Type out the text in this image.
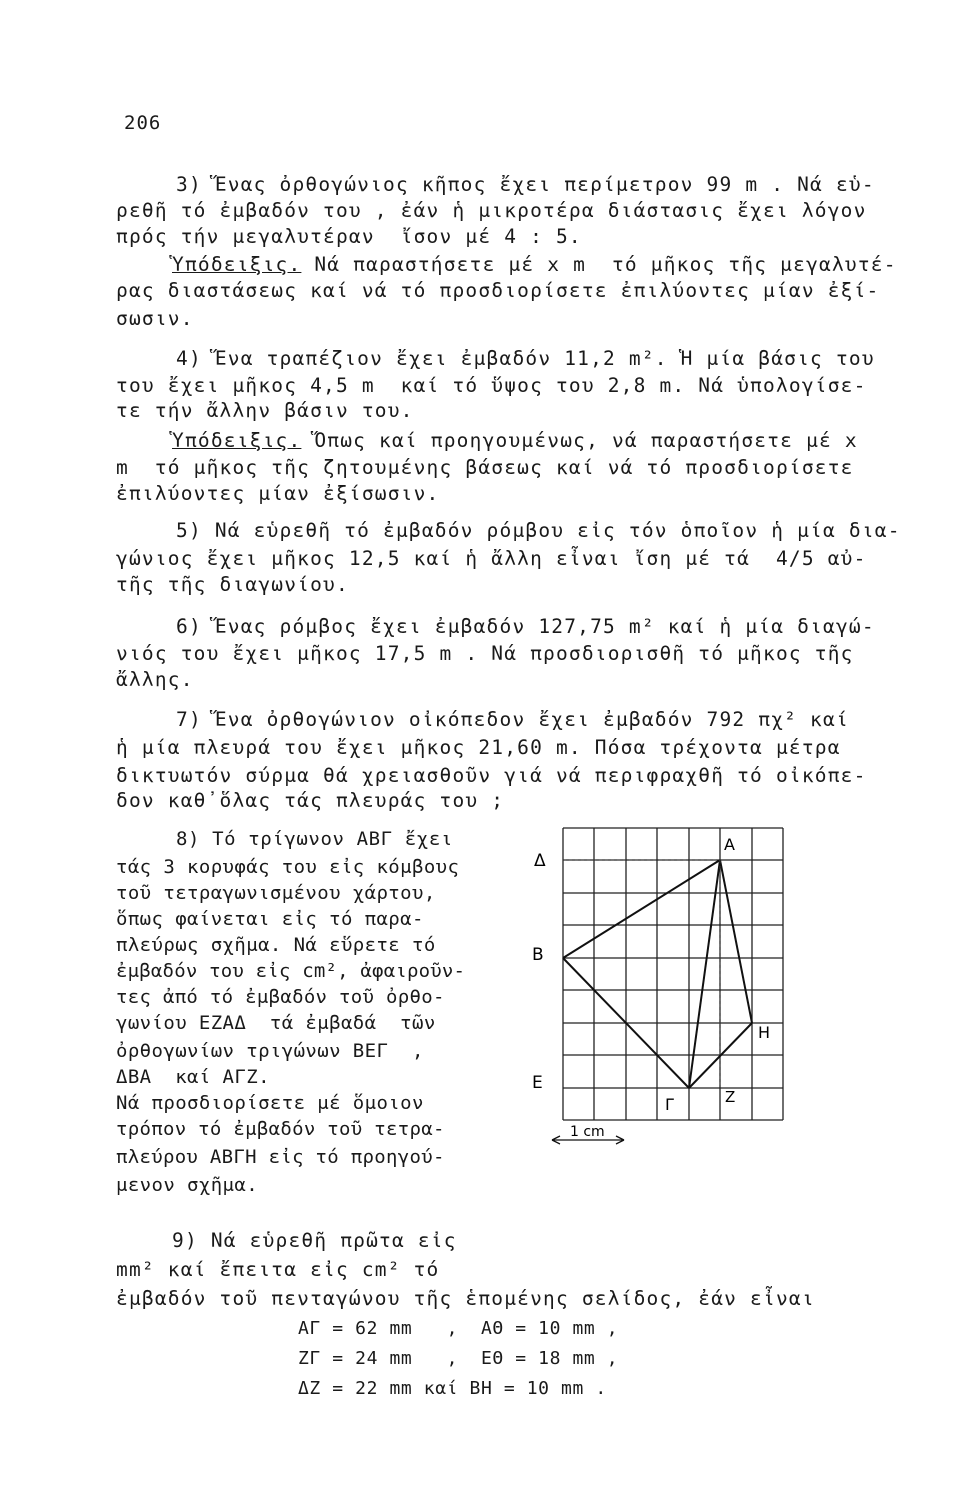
206
3) Ἕνας ὀρθογώνιος κῆπος ἔχει περίμετρον 99 m . Νά εὑ-
ρεθῆ τό ἐμβαδόν του , ἐάν ἡ μικροτέρα διάστασις ἔχει λόγον
πρός τήν μεγαλυτέραν  ἴσον μέ 4 : 5.
Ὑπόδειξις. Νά παραστήσετε μέ x m  τό μῆκος τῆς μεγαλυτέ-
ρας διαστάσεως καί νά τό προσδιορίσετε ἐπιλύοντες μίαν ἐξί-
σωσιν.
4) Ἕνα τραπέζιον ἔχει ἐμβαδόν 11,2 m². Ἡ μία βάσις του
του ἔχει μῆκος 4,5 m  καί τό ὕψος του 2,8 m. Νά ὑπολογίσε-
τε τήν ἄλλην βάσιν του.
Ὑπόδειξις. Ὅπως καί προηγουμένως, νά παραστήσετε μέ x
m  τό μῆκος τῆς ζητουμένης βάσεως καί νά τό προσδιορίσετε
ἐπιλύοντες μίαν ἐξίσωσιν.
5) Νά εὑρεθῆ τό ἐμβαδόν ρόμβου εἰς τόν ὁποῖον ἡ μία δια-
γώνιος ἔχει μῆκος 12,5 καί ἡ ἄλλη εἶναι ἴση μέ τά  4/5 αὐ-
τῆς τῆς διαγωνίου.
6) Ἕνας ρόμβος ἔχει ἐμβαδόν 127,75 m² καί ἡ μία διαγώ-
νιός του ἔχει μῆκος 17,5 m . Νά προσδιορισθῆ τό μῆκος τῆς
ἄλλης.
7) Ἕνα ὀρθογώνιον οἰκόπεδον ἔχει ἐμβαδόν 792 πχ² καί
ἡ μία πλευρά του ἔχει μῆκος 21,60 m. Πόσα τρέχοντα μέτρα
δικτυωτόν σύρμα θά χρειασθοῦν γιά νά περιφραχθῆ τό οἰκόπε-
δον καθ᾽ὅλας τάς πλευράς του ;
8) Τό τρίγωνον ΑΒΓ ἔχει
τάς 3 κορυφάς του εἰς κόμβους
τοῦ τετραγωνισμένου χάρτου,
ὅπως φαίνεται εἰς τό παρα-
πλεύρως σχῆμα. Νά εὕρετε τό
ἐμβαδόν του εἰς cm², ἀφαιροῦν-
τες ἀπό τό ἐμβαδόν τοῦ ὀρθο-
γωνίου ΕΖΑΔ  τά ἐμβαδά  τῶν
ὀρθογωνίων τριγώνων ΒΕΓ  ,
ΔΒΑ  καί ΑΓΖ.
Νά προσδιορίσετε μέ ὅμοιον
τρόπον τό ἐμβαδόν τοῦ τετρα-
πλεύρου ΑΒΓΗ εἰς τό προηγού-
μενον σχῆμα.
A
Δ
B
H
E
Γ	Z
1 cm
9) Νά εὑρεθῆ πρῶτα εἰς
mm² καί ἔπειτα εἰς cm² τό
ἐμβαδόν τοῦ πενταγώνου τῆς ἑπομένης σελίδος, ἐάν εἶναι
ΑΓ = 62 mm   ,  ΑΘ = 10 mm ,
ΖΓ = 24 mm   ,  ΕΘ = 18 mm ,
ΔΖ = 22 mm καί ΒΗ = 10 mm .
